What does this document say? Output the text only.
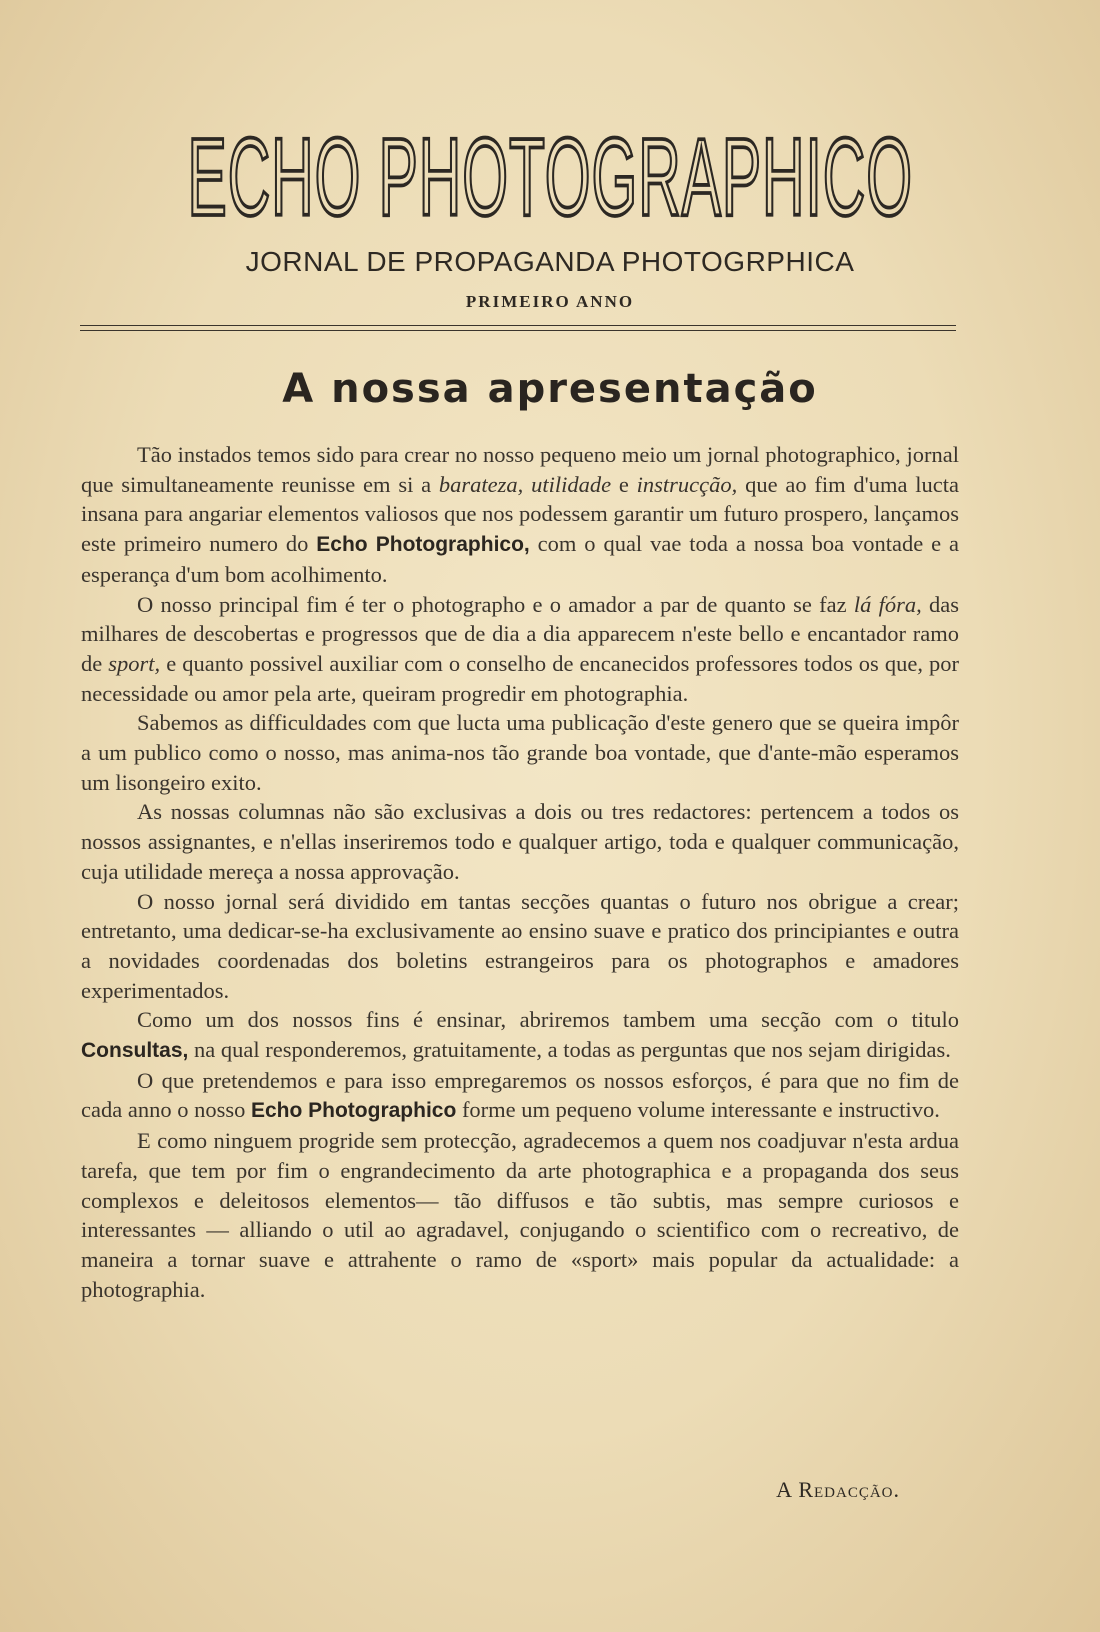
ECHO PHOTOGRAPHICO
JORNAL DE PROPAGANDA PHOTOGRPHICA
PRIMEIRO ANNO
A nossa apresentação

Tão instados temos sido para crear no nosso pequeno meio um jornal photographico, jornal que simultaneamente reunisse em si a barateza, utilidade e instrucção, que ao fim d'uma lucta insana para angariar elementos valiosos que nos podessem garantir um futuro prospero, lançamos este primeiro numero do Echo Photographico, com o qual vae toda a nossa boa vontade e a esperança d'um bom acolhimento.

O nosso principal fim é ter o photographo e o amador a par de quanto se faz lá fóra, das milhares de descobertas e progressos que de dia a dia apparecem n'este bello e encantador ramo de sport, e quanto possivel auxiliar com o conselho de encanecidos professores todos os que, por necessidade ou amor pela arte, queiram progredir em photographia.

Sabemos as difficuldades com que lucta uma publicação d'este genero que se queira impôr a um publico como o nosso, mas anima-nos tão grande boa vontade, que d'ante-mão esperamos um lisongeiro exito.

As nossas columnas não são exclusivas a dois ou tres redactores: pertencem a todos os nossos assignantes, e n'ellas inseriremos todo e qualquer artigo, toda e qualquer communicação, cuja utilidade mereça a nossa approvação.

O nosso jornal será dividido em tantas secções quantas o futuro nos obrigue a crear; entretanto, uma dedicar-se-ha exclusivamente ao ensino suave e pratico dos principiantes e outra a novidades coordenadas dos boletins estrangeiros para os photographos e amadores experimentados.

Como um dos nossos fins é ensinar, abriremos tambem uma secção com o titulo Consultas, na qual responderemos, gratuitamente, a todas as perguntas que nos sejam dirigidas.

O que pretendemos e para isso empregaremos os nossos esforços, é para que no fim de cada anno o nosso Echo Photographico forme um pequeno volume interessante e instructivo.

E como ninguem progride sem protecção, agradecemos a quem nos coadjuvar n'esta ardua tarefa, que tem por fim o engrandecimento da arte photographica e a propaganda dos seus complexos e deleitosos elementos— tão diffusos e tão subtis, mas sempre curiosos e interessantes — alliando o util ao agradavel, conjugando o scientifico com o recreativo, de maneira a tornar suave e attrahente o ramo de «sport» mais popular da actualidade: a photographia.

A Redacção.
